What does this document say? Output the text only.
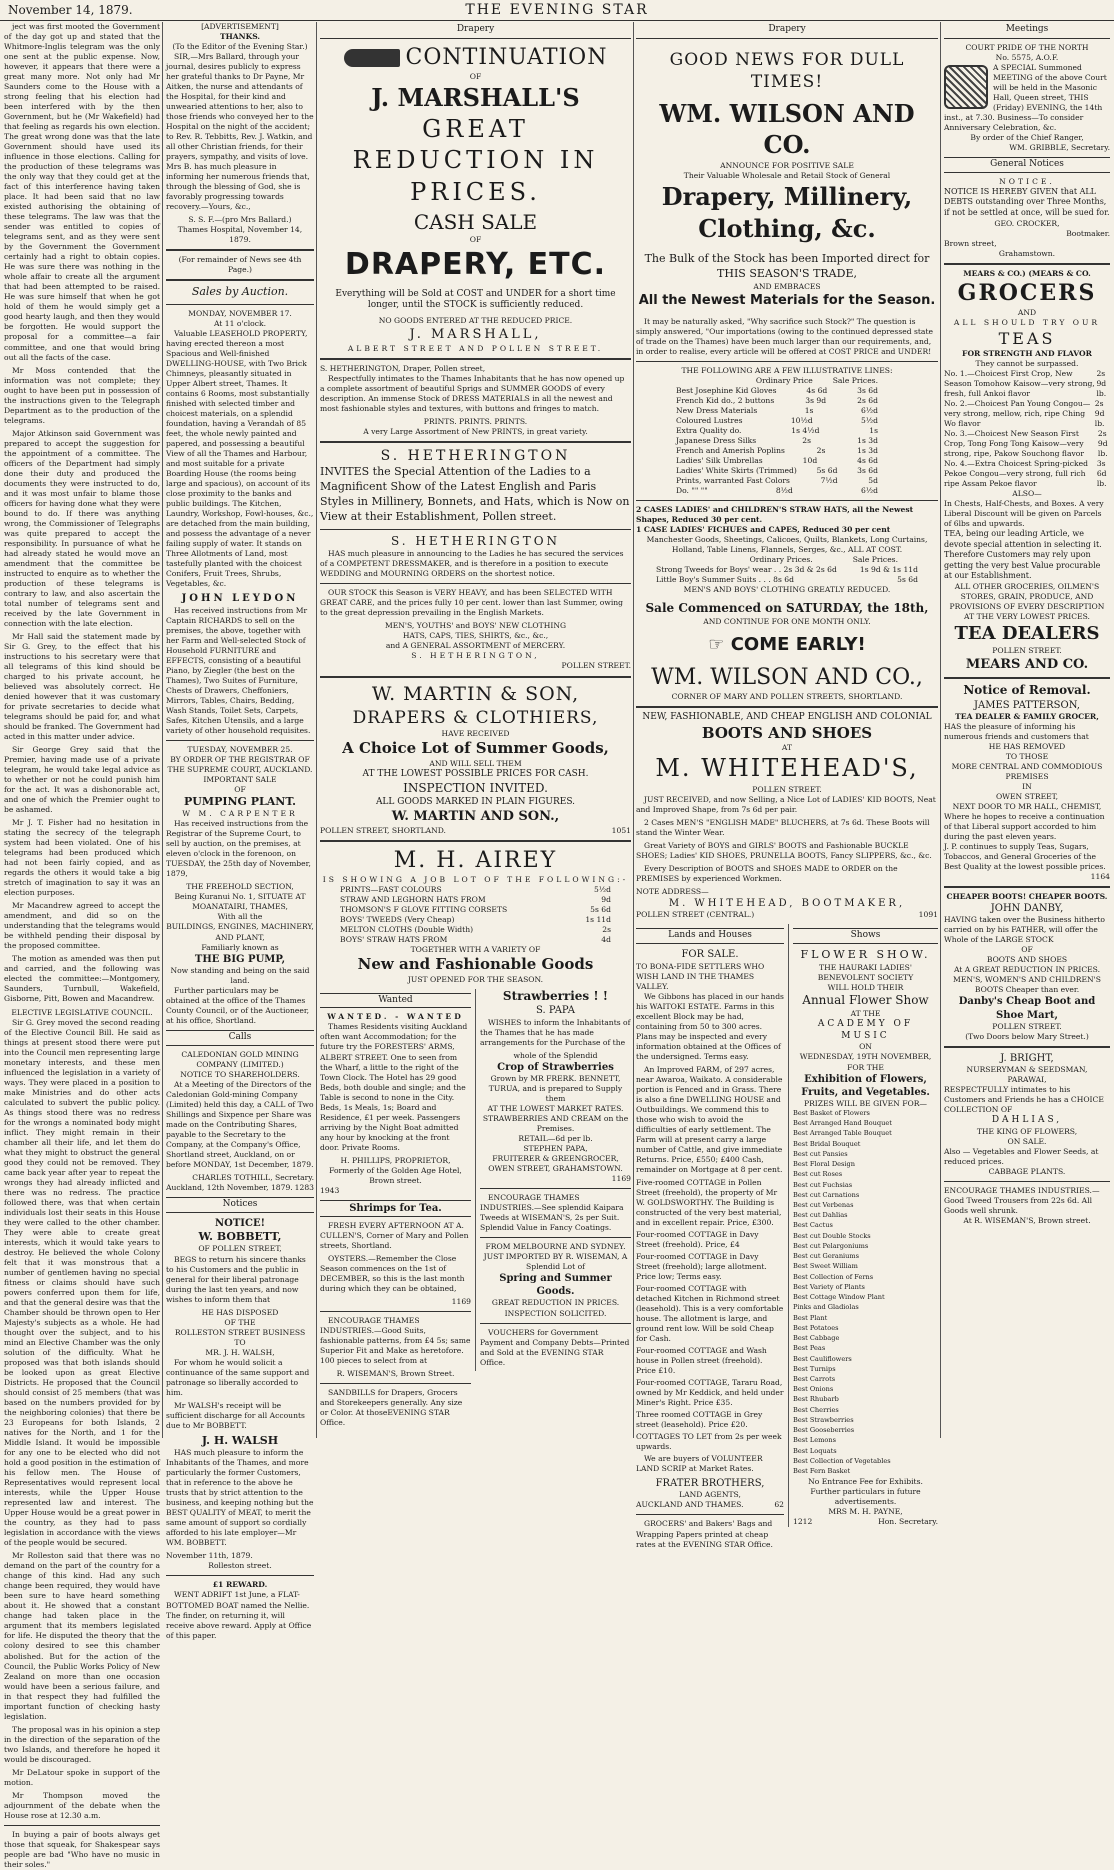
November 14, 1879.	THE EVENING STAR

ject was first mooted the Government of the day got up and stated that the Whitmore-Inglis telegram was the only one sent at the public expense. Now, however, it appears that there were a great many more. Not only had Mr Saunders come to the House with a strong feeling that his election had been interfered with by the then Government, but he (Mr Wakefield) had that feeling as regards his own election. The great wrong done was that the late Government should have used its influence in those elections. Calling for the production of these telegrams was the only way that they could get at the fact of this interference having taken place. It had been said that no law existed authorising the obtaining of these telegrams. The law was that the sender was entitled to copies of telegrams sent, and as they were sent by the Government the Government certainly had a right to obtain copies. He was sure there was nothing in the whole affair to create all the argument that had been attempted to be raised. He was sure himself that when he got hold of them he would simply get a good hearty laugh, and then they would be forgotten. He would support the proposal for a committee—a fair committee, and one that would bring out all the facts of the case.

Mr Moss contended that the information was not complete; they ought to have been put in possession of the instructions given to the Telegraph Department as to the production of the telegrams.

Major Atkinson said Government was prepared to accept the suggestion for the appointment of a committee. The officers of the Department had simply done their duty and produced the documents they were instructed to do, and it was most unfair to blame those officers for having done what they were bound to do. If there was anything wrong, the Commissioner of Telegraphs was quite prepared to accept the responsibility. In pursuance of what he had already stated he would move an amendment that the committee be instructed to enquire as to whether the production of these telegrams is contrary to law, and also ascertain the total number of telegrams sent and received by the late Government in connection with the late election.

Mr Hall said the statement made by Sir G. Grey, to the effect that his instructions to his secretary were that all telegrams of this kind should be charged to his private account, he believed was absolutely correct. He denied however that it was customary for private secretaries to decide what telegrams should be paid for, and what should be franked. The Government had acted in this matter under advice.

Sir George Grey said that the Premier, having made use of a private telegram, he would take legal advice as to whether or not he could punish him for the act. It was a dishonorable act, and one of which the Premier ought to be ashamed.

Mr J. T. Fisher had no hesitation in stating the secrecy of the telegraph system had been violated. One of his telegrams had been produced which had not been fairly copied, and as regards the others it would take a big stretch of imagination to say it was an election purposes.

Mr Macandrew agreed to accept the amendment, and did so on the understanding that the telegrams would be withheld pending their disposal by the proposed committee.

The motion as amended was then put and carried, and the following was elected the committee:—Montgomery, Saunders, Turnbull, Wakefield, Gisborne, Pitt, Bowen and Macandrew.

ELECTIVE LEGISLATIVE COUNCIL.

Sir G. Grey moved the second reading of the Elective Council Bill. He said as things at present stood there were put into the Council men representing large monetary interests, and these men influenced the legislation in a variety of ways. They were placed in a position to make Ministries and do other acts calculated to subvert the public policy. As things stood there was no redress for the wrongs a nominated body might inflict. They might remain in their chamber all their life, and let them do what they might to obstruct the general good they could not be removed. They came back year after year to repeat the wrongs they had already inflicted and there was no redress. The practice followed there, was that when certain individuals lost their seats in this House they were called to the other chamber. They were able to create great interests, which it would take years to destroy. He believed the whole Colony felt that it was monstrous that a number of gentlemen having no special fitness or claims should have such powers conferred upon them for life, and that the general desire was that the Chamber should be thrown open to Her Majesty's subjects as a whole. He had thought over the subject, and to his mind an Elective Chamber was the only solution of the difficulty. What he proposed was that both islands should be looked upon as great Elective Districts. He proposed that the Council should consist of 25 members (that was based on the numbers provided for by the neighboring colonies) that there be 23 Europeans for both Islands, 2 natives for the North, and 1 for the Middle Island. It would be impossible for any one to be elected who did not hold a good position in the estimation of his fellow men. The House of Representatives would represent local interests, while the Upper House represented law and interest. The Upper House would be a great power in the country, as they had to pass legislation in accordance with the views of the people would be secured.

Mr Rolleston said that there was no demand on the part of the country for a change of this kind. Had any such change been required, they would have been sure to have heard something about it. He showed that a constant change had taken place in the argument that its members legislated for life. He disputed the theory that the colony desired to see this chamber abolished. But for the action of the Council, the Public Works Policy of New Zealand on more than one occasion would have been a serious failure, and in that respect they had fulfilled the important function of checking hasty legislation.

The proposal was in his opinion a step in the direction of the separation of the two Islands, and therefore he hoped it would be discouraged.

Mr DeLatour spoke in support of the motion.

Mr Thompson moved the adjournment of the debate when the House rose at 12.30 a.m.

In buying a pair of boots always get those that squeak, for Shakespear says people are bad "Who have no music in their soles."

[ADVERTISEMENT]
THANKS.
(To the Editor of the Evening Star.)

SIR,—Mrs Ballard, through your journal, desires publicly to express her grateful thanks to Dr Payne, Mr Aitken, the nurse and attendants of the Hospital, for their kind and unwearied attentions to her, also to those friends who conveyed her to the Hospital on the night of the accident; to Rev. R. Tebbitts, Rev. J. Watkin, and all other Christian friends, for their prayers, sympathy, and visits of love. Mrs B. has much pleasure in informing her numerous friends that, through the blessing of God, she is favorably progressing towards recovery.—Yours, &c.,

S. S. F.—(pro Mrs Ballard.)
Thames Hospital, November 14, 1879.
(For remainder of News see 4th Page.)
Sales by Auction.
MONDAY, NOVEMBER 17.
At 11 o'clock.

Valuable LEASEHOLD PROPERTY, having erected thereon a most Spacious and Well-finished DWELLING-HOUSE, with Two Brick Chimneys, pleasantly situated in Upper Albert street, Thames. It contains 6 Rooms, most substantially finished with selected timber and choicest materials, on a splendid foundation, having a Verandah of 85 feet, the whole newly painted and papered, and possessing a beautiful View of all the Thames and Harbour, and most suitable for a private Boarding House (the rooms being large and spacious), on account of its close proximity to the banks and public buildings. The Kitchen, Laundry, Workshop, Fowl-houses, &c., are detached from the main building, and possess the advantage of a never failing supply of water. It stands on Three Allotments of Land, most tastefully planted with the choicest Conifers, Fruit Trees, Shrubs, Vegetables, &c.

JOHN LEYDON

Has received instructions from Mr Captain RICHARDS to sell on the premises, the above, together with her Farm and Well-selected Stock of Household FURNITURE and EFFECTS, consisting of a beautiful Piano, by Ziegler (the best on the Thames), Two Suites of Furniture, Chests of Drawers, Cheffoniers, Mirrors, Tables, Chairs, Bedding, Wash Stands, Toilet Sets, Carpets, Safes, Kitchen Utensils, and a large variety of other household requisites.

TUESDAY, NOVEMBER 25.
BY ORDER OF THE REGISTRAR OF THE SUPREME COURT, AUCKLAND.
IMPORTANT SALE
OF
PUMPING PLANT.
W M. CARPENTER

Has received instructions from the Registrar of the Supreme Court, to sell by auction, on the premises, at eleven o'clock in the forenoon, on TUESDAY, the 25th day of November, 1879,

THE FREEHOLD SECTION,
Being Kuranui No. 1, SITUATE AT MOANATAIRI, THAMES,
With all the
BUILDINGS, ENGINES, MACHINERY, AND PLANT,
Familiarly known as
THE BIG PUMP,
Now standing and being on the said land.

Further particulars may be obtained at the office of the Thames County Council, or of the Auctioneer, at his office, Shortland.

Calls
CALEDONIAN GOLD MINING COMPANY (LIMITED.)
NOTICE TO SHAREHOLDERS.

At a Meeting of the Directors of the Caledonian Gold-mining Company (Limited) held this day, a CALL of Two Shillings and Sixpence per Share was made on the Contributing Shares, payable to the Secretary to the Company, at the Company's Office, Shortland street, Auckland, on or before MONDAY, 1st December, 1879.

CHARLES TOTHILL, Secretary.
Auckland, 12th November, 1879. 1283
Notices
NOTICE!
W. BOBBETT,
OF POLLEN STREET,

BEGS to return his sincere thanks to his Customers and the public in general for their liberal patronage during the last ten years, and now wishes to inform them that

HE HAS DISPOSED
OF THE
ROLLESTON STREET BUSINESS
TO
MR. J. H. WALSH,

For whom he would solicit a continuance of the same support and patronage so liberally accorded to him.

Mr WALSH's receipt will be sufficient discharge for all Accounts due to Mr BOBBETT.

J. H. WALSH

HAS much pleasure to inform the Inhabitants of the Thames, and more particularly the former Customers, that in reference to the above he trusts that by strict attention to the business, and keeping nothing but the BEST QUALITY of MEAT, to merit the same amount of support so cordially afforded to his late employer—Mr WM. BOBBETT.

November 11th, 1879.
Rolleston street.
£1 REWARD.

WENT ADRIFT 1st June, a FLAT-BOTTOMED BOAT named the Nellie. The finder, on returning it, will receive above reward. Apply at Office of this paper.

Drapery
CONTINUATION
OF
J. MARSHALL'S
GREAT REDUCTION IN PRICES.
CASH SALE
OF
DRAPERY, ETC.
Everything will be Sold at COST and UNDER for a short time longer, until the STOCK is sufficiently reduced.
NO GOODS ENTERED AT THE REDUCED PRICE.
J. MARSHALL,
ALBERT STREET AND POLLEN STREET.
S. HETHERINGTON, Draper, Pollen street,

Respectfully intimates to the Thames Inhabitants that he has now opened up a complete assortment of beautiful Sprigs and SUMMER GOODS of every description. An immense Stock of DRESS MATERIALS in all the newest and most fashionable styles and textures, with buttons and fringes to match.

PRINTS. PRINTS. PRINTS.
A very Large Assortment of New PRINTS, in great variety.
S. HETHERINGTON
INVITES the Special Attention of the Ladies to a Magnificent Show of the Latest English and Paris Styles in Millinery, Bonnets, and Hats, which is Now on View at their Establishment, Pollen street.
S. HETHERINGTON

HAS much pleasure in announcing to the Ladies he has secured the services of a COMPETENT DRESSMAKER, and is therefore in a position to execute WEDDING and MOURNING ORDERS on the shortest notice.

OUR STOCK this Season is VERY HEAVY, and has been SELECTED WITH GREAT CARE, and the prices fully 10 per cent. lower than last Summer, owing to the great depression prevailing in the English Markets.

MEN'S, YOUTHS' and BOYS' NEW CLOTHING
HATS, CAPS, TIES, SHIRTS, &c., &c.,
and A GENERAL ASSORTMENT of MERCERY.
S. HETHERINGTON,
POLLEN STREET.
W. MARTIN & SON,
DRAPERS & CLOTHIERS,
HAVE RECEIVED
A Choice Lot of Summer Goods,
AND WILL SELL THEM
AT THE LOWEST POSSIBLE PRICES FOR CASH.
INSPECTION INVITED.
ALL GOODS MARKED IN PLAIN FIGURES.
W. MARTIN AND SON.,
POLLEN STREET, SHORTLAND.	1051
M. H. AIREY
IS SHOWING A JOB LOT OF THE FOLLOWING:-
PRINTS—FAST COLOURS	5½d
STRAW AND LEGHORN HATS FROM	9d
THOMSON'S F GLOVE FITTING CORSETS	5s 6d
BOYS' TWEEDS (Very Cheap)	1s 11d
MELTON CLOTHS (Double Width)	2s
BOYS' STRAW HATS FROM	4d
TOGETHER WITH A VARIETY OF
New and Fashionable Goods
JUST OPENED FOR THE SEASON.
Wanted
WANTED. - WANTED

Thames Residents visiting Auckland often want Accommodation; for the future try the FORESTERS' ARMS, ALBERT STREET. One to seen from the Wharf, a little to the right of the Town Clock. The Hotel has 29 good Beds, both double and single; and the Table is second to none in the City. Beds, 1s Meals, 1s; Board and Residence, £1 per week. Passengers arriving by the Night Boat admitted any hour by knocking at the front door. Private Rooms.

H. PHILLIPS, PROPRIETOR,
Formerly of the Golden Age Hotel, Brown street.
1943
Shrimps for Tea.

FRESH EVERY AFTERNOON AT A. CULLEN'S, Corner of Mary and Pollen streets, Shortland.

OYSTERS.—Remember the Close Season commences on the 1st of DECEMBER, so this is the last month during which they can be obtained,

1169

ENCOURAGE THAMES INDUSTRIES.—Good Suits, fashionable patterns, from £4 5s; same Superior Fit and Make as heretofore. 100 pieces to select from at

R. WISEMAN'S, Brown Street.

SANDBILLS for Drapers, Grocers and Storekeepers generally. Any size or Color. At thoseEVENING STAR Office.

Strawberries ! !
S. PAPA

WISHES to inform the Inhabitants of the Thames that he has made arrangements for the Purchase of the

whole of the Splendid
Crop of Strawberries
Grown by MR FRERK. BENNETT, TURUA, and is prepared to Supply them
AT THE LOWEST MARKET RATES.
STRAWBERRIES AND CREAM on the Premises.
RETAIL—6d per lb.
STEPHEN PAPA,
FRUITERER & GREENGROCER,
OWEN STREET, GRAHAMSTOWN.
1169

ENCOURAGE THAMES INDUSTRIES.—See splendid Kaipara Tweeds at WISEMAN'S, 2s per Suit. Splendid Value in Fancy Coatings.

FROM MELBOURNE AND SYDNEY.
JUST IMPORTED BY R. WISEMAN, A Splendid Lot of
Spring and Summer Goods.
GREAT REDUCTION IN PRICES.
INSPECTION SOLICITED.

VOUCHERS for Government Payment and Company Debts—Printed and Sold at the EVENING STAR Office.

Drapery
GOOD NEWS FOR DULL TIMES!
WM. WILSON AND CO.
ANNOUNCE FOR POSITIVE SALE
Their Valuable Wholesale and Retail Stock of General
Drapery, Millinery, Clothing, &c.
The Bulk of the Stock has been Imported direct for
THIS SEASON'S TRADE,
AND EMBRACES
All the Newest Materials for the Season.

It may be naturally asked, "Why sacrifice such Stock?" The question is simply answered, "Our importations (owing to the continued depressed state of trade on the Thames) have been much larger than our requirements, and, in order to realise, every article will be offered at COST PRICE and UNDER!

THE FOLLOWING ARE A FEW ILLUSTRATIVE LINES:
Ordinary Price	Sale Prices.
Best Josephine Kid Gloves	4s 6d	3s 6d
French Kid do., 2 buttons	3s 9d	2s 6d
New Dress Materials	1s	6½d
Coloured Lustres	10½d	5½d
Extra Quality do.	1s 4½d	1s
Japanese Dress Silks	2s	1s 3d
French and Amerish Poplins	2s	1s 3d
Ladies' Silk Umbrellas	10d	4s 6d
Ladies' White Skirts (Trimmed)	5s 6d	3s 6d
Prints, warranted Fast Colors	7½d	5d
Do. "" ""	8½d	6½d
2 CASES LADIES' and CHILDREN'S STRAW HATS, all the Newest Shapes, Reduced 30 per cent.
1 CASE LADIES' FICHUES and CAPES, Reduced 30 per cent
Manchester Goods, Sheetings, Calicoes, Quilts, Blankets, Long Curtains, Holland, Table Linens, Flannels, Serges, &c., ALL AT COST.
Ordinary Prices.	Sale Prices.
Strong Tweeds for Boys' wear . . 2s 3d & 2s 6d	1s 9d & 1s 11d
Little Boy's Summer Suits . . . 8s 6d	5s 6d
MEN'S AND BOYS' CLOTHING GREATLY REDUCED.
Sale Commenced on SATURDAY, the 18th,
AND CONTINUE FOR ONE MONTH ONLY.
☞ COME EARLY!
WM. WILSON AND CO.,
CORNER OF MARY AND POLLEN STREETS, SHORTLAND.
NEW, FASHIONABLE, AND CHEAP ENGLISH AND COLONIAL
BOOTS AND SHOES
AT
M. WHITEHEAD'S,
POLLEN STREET.

JUST RECEIVED, and now Selling, a Nice Lot of LADIES' KID BOOTS, Neat and Improved Shape, from 7s 6d per pair.

2 Cases MEN'S "ENGLISH MADE" BLUCHERS, at 7s 6d. These Boots will stand the Winter Wear.

Great Variety of BOYS and GIRLS' BOOTS and Fashionable BUCKLE SHOES; Ladies' KID SHOES, PRUNELLA BOOTS, Fancy SLIPPERS, &c., &c.

Every Description of BOOTS and SHOES MADE to ORDER on the PREMISES by experienced Workmen.

NOTE ADDRESS—
M. WHITEHEAD, BOOTMAKER,
POLLEN STREET (CENTRAL.)	1091
Lands and Houses
FOR SALE.
TO BONA-FIDE SETTLERS WHO WISH LAND IN THE THAMES VALLEY.

We Gibbons has placed in our hands his WAITOKI ESTATE. Farms in this excellent Block may be had, containing from 50 to 300 acres. Plans may be inspected and every information obtained at the Offices of the undersigned. Terms easy.

An Improved FARM, of 297 acres, near Awaroa, Waikato. A considerable portion is Fenced and in Grass. There is also a fine DWELLING HOUSE and Outbuildings. We commend this to those who wish to avoid the difficulties of early settlement. The Farm will at present carry a large number of Cattle, and give immediate Returns. Price, £550; £400 Cash, remainder on Mortgage at 8 per cent.

Five-roomed COTTAGE in Pollen Street (freehold), the property of Mr W. GOLDSWORTHY. The Building is constructed of the very best material, and in excellent repair. Price, £300.
Four-roomed COTTAGE in Davy Street (freehold). Price, £4
Four-roomed COTTAGE in Davy Street (freehold); large allotment. Price low; Terms easy.
Four-roomed COTTAGE with detached Kitchen in Richmond street (leasehold). This is a very comfortable house. The allotment is large, and ground rent low. Will be sold Cheap for Cash.
Four-roomed COTTAGE and Wash house in Pollen street (freehold). Price £10.
Four-roomed COTTAGE, Tararu Road, owned by Mr Keddick, and held under Miner's Right. Price £35.
Three roomed COTTAGE in Grey street (leasehold). Price £20.
COTTAGES TO LET from 2s per week upwards.

We are buyers of VOLUNTEER LAND SCRIP at Market Rates.

FRATER BROTHERS,
LAND AGENTS,
AUCKLAND AND THAMES.	62

GROCERS' and Bakers' Bags and Wrapping Papers printed at cheap rates at the EVENING STAR Office.

Shows
FLOWER SHOW.
THE HAURAKI LADIES' BENEVOLENT SOCIETY
WILL HOLD THEIR
Annual Flower Show
AT THE
ACADEMY OF MUSIC
ON
WEDNESDAY, 19TH NOVEMBER,
FOR THE
Exhibition of Flowers, Fruits, and Vegetables.
PRIZES WILL BE GIVEN FOR—
Best Basket of Flowers
Best Arranged Hand Bouquet
Best Arranged Table Bouquet
Best Bridal Bouquet
Best cut Pansies
Best Floral Design
Best cut Roses
Best cut Fuchsias
Best cut Carnations
Best cut Verbenas
Best cut Dahlias
Best Cactus
Best cut Double Stocks
Best cut Pelargoniums
Best cut Geraniums
Best Sweet William
Best Collection of Ferns
Best Variety of Plants
Best Cottage Window Plant
Pinks and Gladiolas
Best Plant
Best Potatoes
Best Cabbage
Best Peas
Best Cauliflowers
Best Turnips
Best Carrots
Best Onions
Best Rhubarb
Best Cherries
Best Strawberries
Best Gooseberries
Best Lemons
Best Loquats
Best Collection of Vegetables
Best Fern Basket
No Entrance Fee for Exhibits.
Further particulars in future advertisements.
MRS M. H. PAYNE,
1212	Hon. Secretary.
Meetings
COURT PRIDE OF THE NORTH
No. 5575, A.O.F.
A SPECIAL Summoned MEETING of the above Court will be held in the Masonic Hall, Queen street, THIS (Friday) EVENING, the 14th inst., at 7.30. Business—To consider Anniversary Celebration, &c.
By order of the Chief Ranger,
WM. GRIBBLE, Secretary.
General Notices
NOTICE.
NOTICE IS HEREBY GIVEN that ALL DEBTS outstanding over Three Months, if not be settled at once, will be sued for.
GEO. CROCKER,
Bootmaker.
Brown street,
Grahamstown.
MEARS & CO.) (MEARS & CO.
GROCERS
AND
ALL SHOULD TRY OUR
TEAS
FOR STRENGTH AND FLAVOR
They cannot be surpassed.
No. 1.—Choicest First Crop, New Season Tomohow Kaisow—very strong, fresh, full Ankoi flavor
2s 9d lb.
No. 2.—Choicest Pan Young Congou—very strong, mellow, rich, ripe Ching Wo flavor
2s 9d lb.
No. 3.—Choicest New Season First Crop, Tong Fong Tong Kaisow—very strong, ripe, Pakow Souchong flavor
2s 9d lb.
No. 4.—Extra Choicest Spring-picked Pekoe Congou—very strong, full rich ripe Assam Pekoe flavor
3s 6d lb.
ALSO—
In Chests, Half-Chests, and Boxes. A very Liberal Discount will be given on Parcels of 6lbs and upwards.
TEA, being our leading Article, we devote special attention in selecting it. Therefore Customers may rely upon getting the very best Value procurable at our Establishment.
ALL OTHER GROCERIES, OILMEN'S STORES, GRAIN, PRODUCE, AND PROVISIONS OF EVERY DESCRIPTION
AT THE VERY LOWEST PRICES.
TEA DEALERS
POLLEN STREET.
MEARS AND CO.
Notice of Removal.
JAMES PATTERSON,
TEA DEALER & FAMILY GROCER,
HAS the pleasure of informing his numerous friends and customers that
HE HAS REMOVED
TO THOSE
MORE CENTRAL AND COMMODIOUS PREMISES
IN
OWEN STREET,
NEXT DOOR TO MR HALL, CHEMIST,
Where he hopes to receive a continuation of that Liberal support accorded to him during the past eleven years.
J. P. continues to supply Teas, Sugars, Tobaccos, and General Groceries of the Best Quality at the lowest possible prices.
1164
CHEAPER BOOTS! CHEAPER BOOTS.
JOHN DANBY,
HAVING taken over the Business hitherto carried on by his FATHER, will offer the Whole of the LARGE STOCK
OF
BOOTS AND SHOES
At A GREAT REDUCTION IN PRICES.
MEN'S, WOMEN'S AND CHILDREN'S BOOTS Cheaper than ever.
Danby's Cheap Boot and Shoe Mart,
POLLEN STREET.
(Two Doors below Mary Street.)
J. BRIGHT,
NURSERYMAN & SEEDSMAN,
PARAWAI,
RESPECTFULLY intimates to his Customers and Friends he has a CHOICE COLLECTION OF
DAHLIAS,
THE KING OF FLOWERS,
ON SALE.
Also — Vegetables and Flower Seeds, at reduced prices.
CABBAGE PLANTS.
ENCOURAGE THAMES INDUSTRIES.—Good Tweed Trousers from 22s 6d. All Goods well shrunk.
At R. WISEMAN'S, Brown street.
